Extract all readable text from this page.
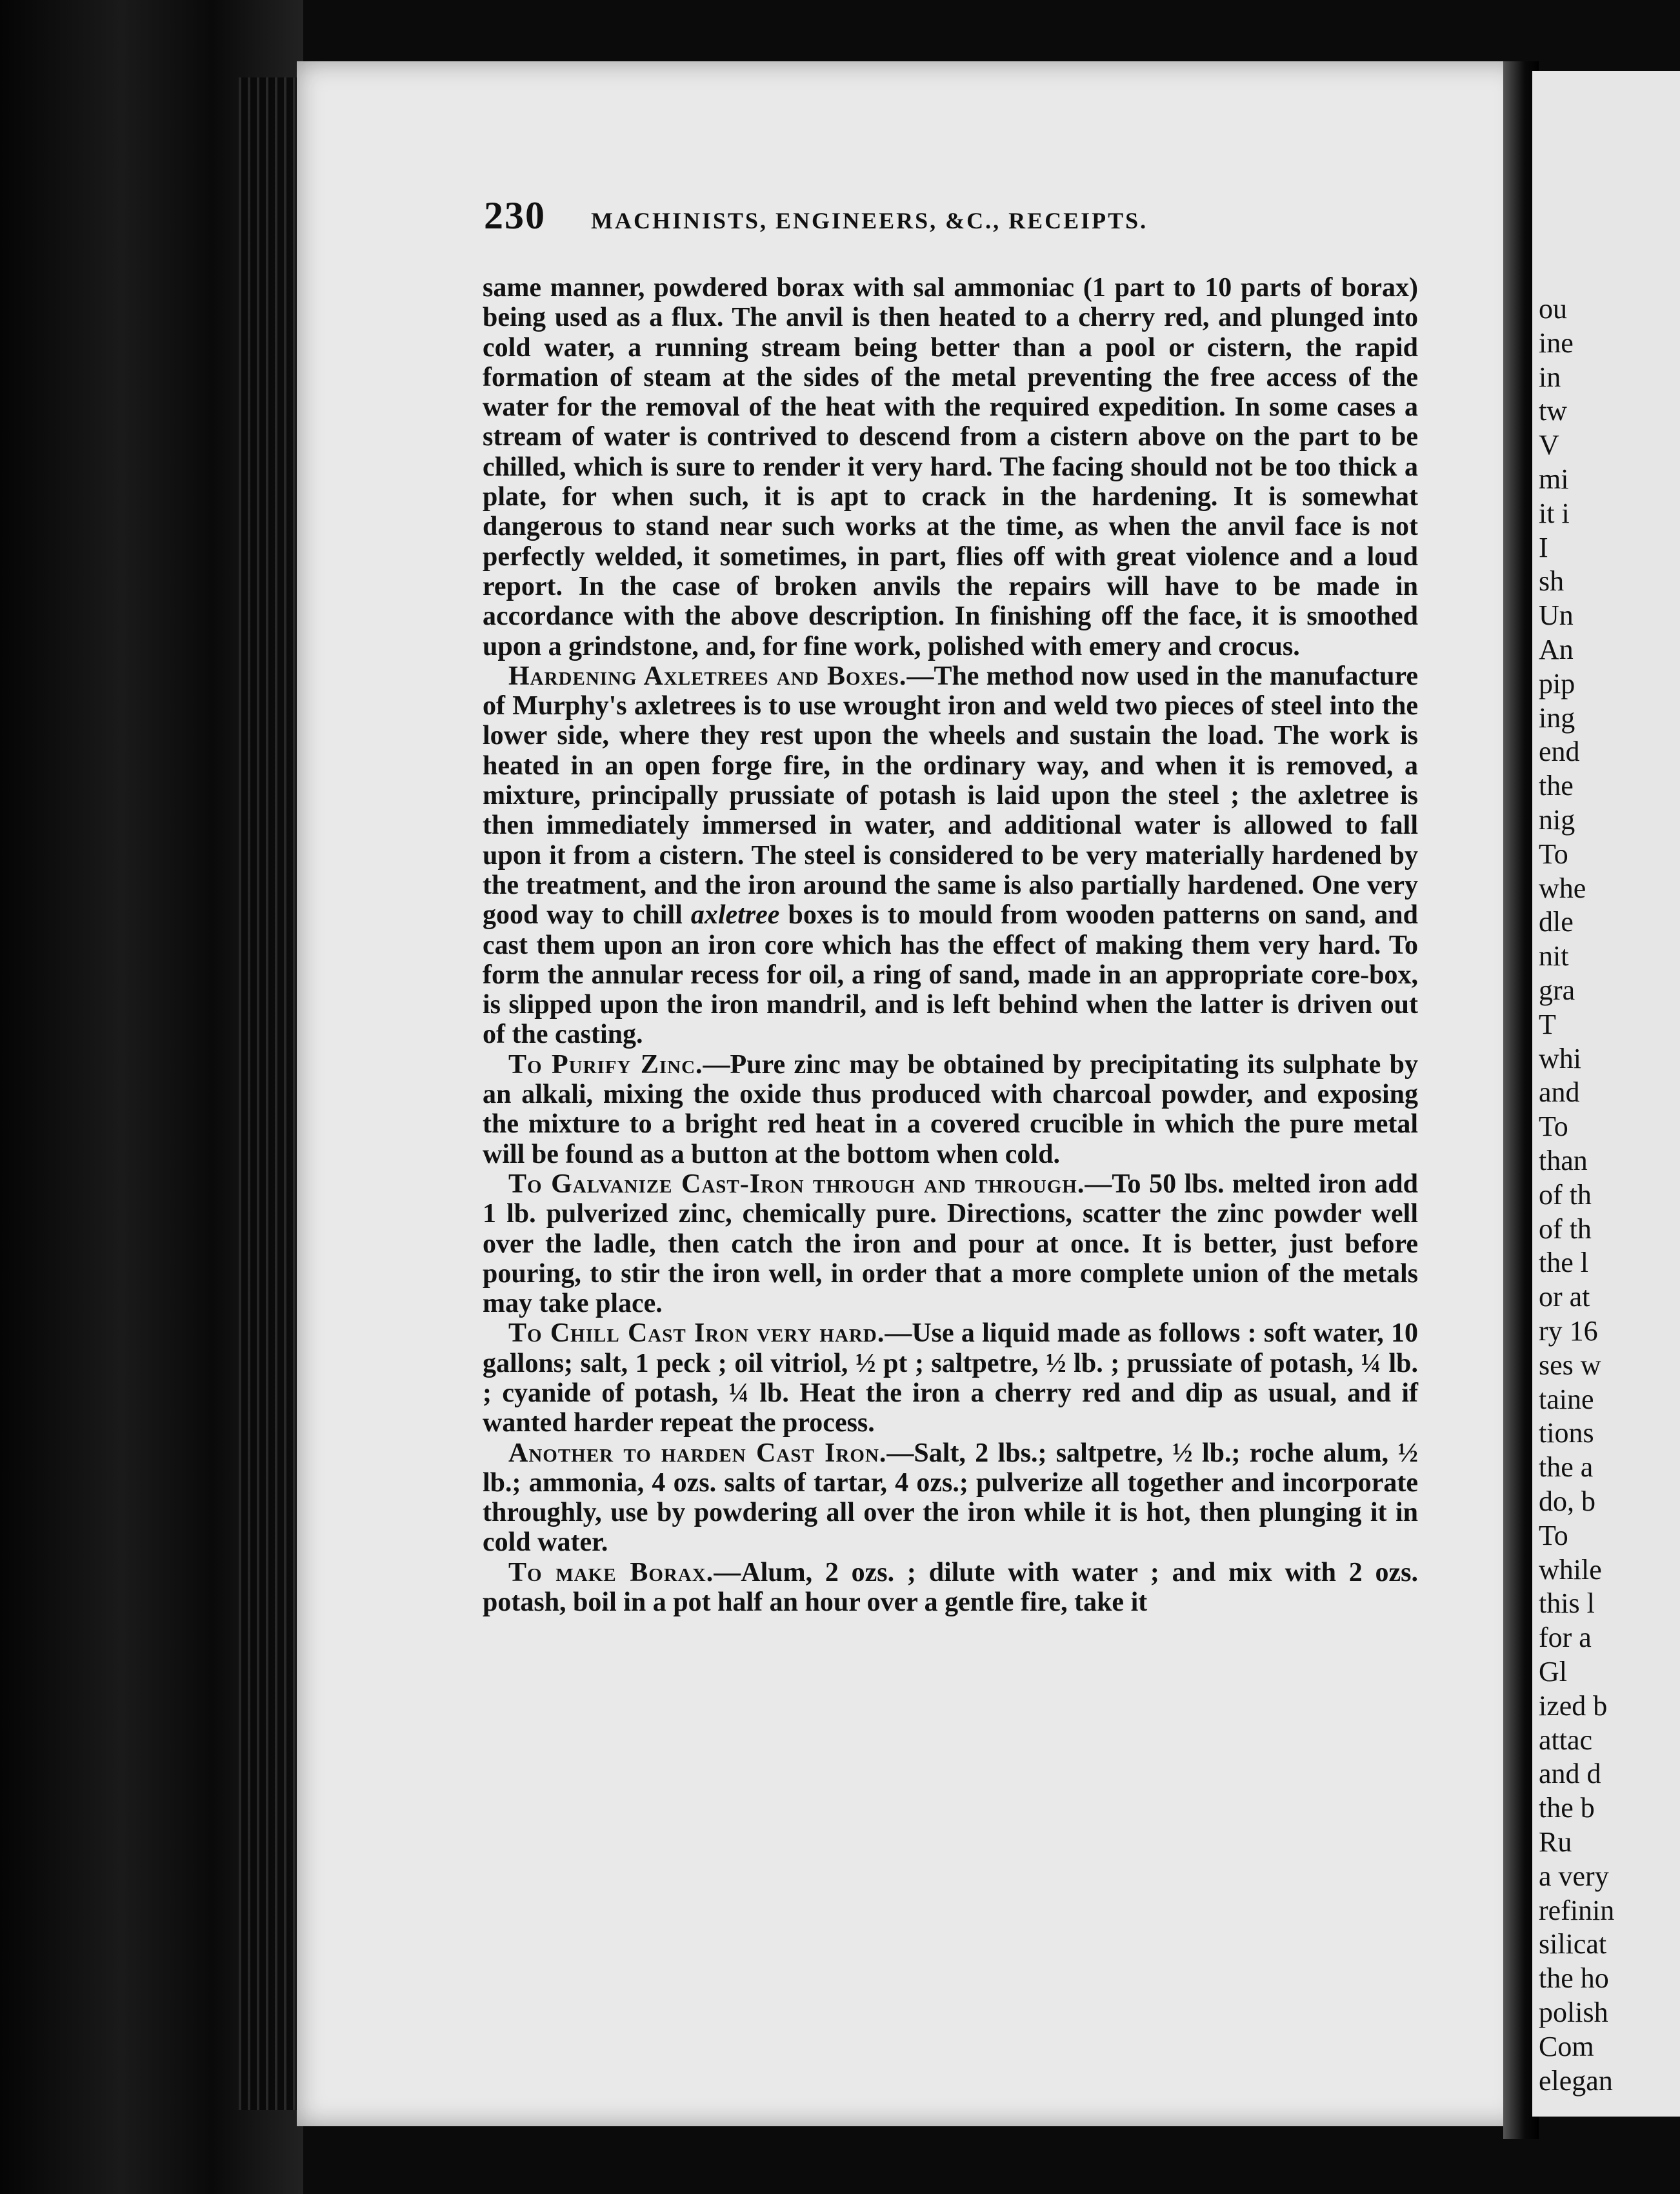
230 MACHINISTS, ENGINEERS, &C., RECEIPTS.

same manner, powdered borax with sal ammoniac (1 part to 10 parts of borax) being used as a flux. The anvil is then heated to a cherry red, and plunged into cold water, a running stream being better than a pool or cistern, the rapid formation of steam at the sides of the metal preventing the free access of the water for the removal of the heat with the required expedition. In some cases a stream of water is contrived to descend from a cistern above on the part to be chilled, which is sure to render it very hard. The facing should not be too thick a plate, for when such, it is apt to crack in the hardening. It is somewhat dangerous to stand near such works at the time, as when the anvil face is not perfectly welded, it sometimes, in part, flies off with great violence and a loud report. In the case of broken anvils the repairs will have to be made in accordance with the above description. In finishing off the face, it is smoothed upon a grindstone, and, for fine work, polished with emery and crocus.

Hardening Axletrees and Boxes.—The method now used in the manufacture of Murphy's axletrees is to use wrought iron and weld two pieces of steel into the lower side, where they rest upon the wheels and sustain the load. The work is heated in an open forge fire, in the ordinary way, and when it is removed, a mixture, principally prussiate of potash is laid upon the steel ; the axletree is then immediately immersed in water, and additional water is allowed to fall upon it from a cistern. The steel is considered to be very materially hardened by the treatment, and the iron around the same is also partially hardened. One very good way to chill axletree boxes is to mould from wooden patterns on sand, and cast them upon an iron core which has the effect of making them very hard. To form the annular recess for oil, a ring of sand, made in an appropriate core-box, is slipped upon the iron mandril, and is left behind when the latter is driven out of the casting.

To Purify Zinc.—Pure zinc may be obtained by precipitating its sulphate by an alkali, mixing the oxide thus produced with charcoal powder, and exposing the mixture to a bright red heat in a covered crucible in which the pure metal will be found as a button at the bottom when cold.

To Galvanize Cast-Iron through and through.—To 50 lbs. melted iron add 1 lb. pulverized zinc, chemically pure. Directions, scatter the zinc powder well over the ladle, then catch the iron and pour at once. It is better, just before pouring, to stir the iron well, in order that a more complete union of the metals may take place.

To Chill Cast Iron very hard.—Use a liquid made as follows : soft water, 10 gallons; salt, 1 peck ; oil vitriol, ½ pt ; saltpetre, ½ lb. ; prussiate of potash, ¼ lb. ; cyanide of potash, ¼ lb. Heat the iron a cherry red and dip as usual, and if wanted harder repeat the process.

Another to harden Cast Iron.—Salt, 2 lbs.; saltpetre, ½ lb.; roche alum, ½ lb.; ammonia, 4 ozs. salts of tartar, 4 ozs.; pulverize all together and incorporate throughly, use by powdering all over the iron while it is hot, then plunging it in cold water.

To make Borax.—Alum, 2 ozs. ; dilute with water ; and mix with 2 ozs. potash, boil in a pot half an hour over a gentle fire, take it

ou
ine
in
tw
V
mi
it i
I
sh
Un
An
pip
ing
end
the
nig
To
whe
dle
nit
gra
T
whi
and
To
than
of th
of th
the l
or at
ry 16
ses w
taine
tions
the a
do, b
To
while
this l
for a
Gl
ized b
attac
and d
the b
Ru
a very
refinin
silicat
the ho
polish
Com
elegan
